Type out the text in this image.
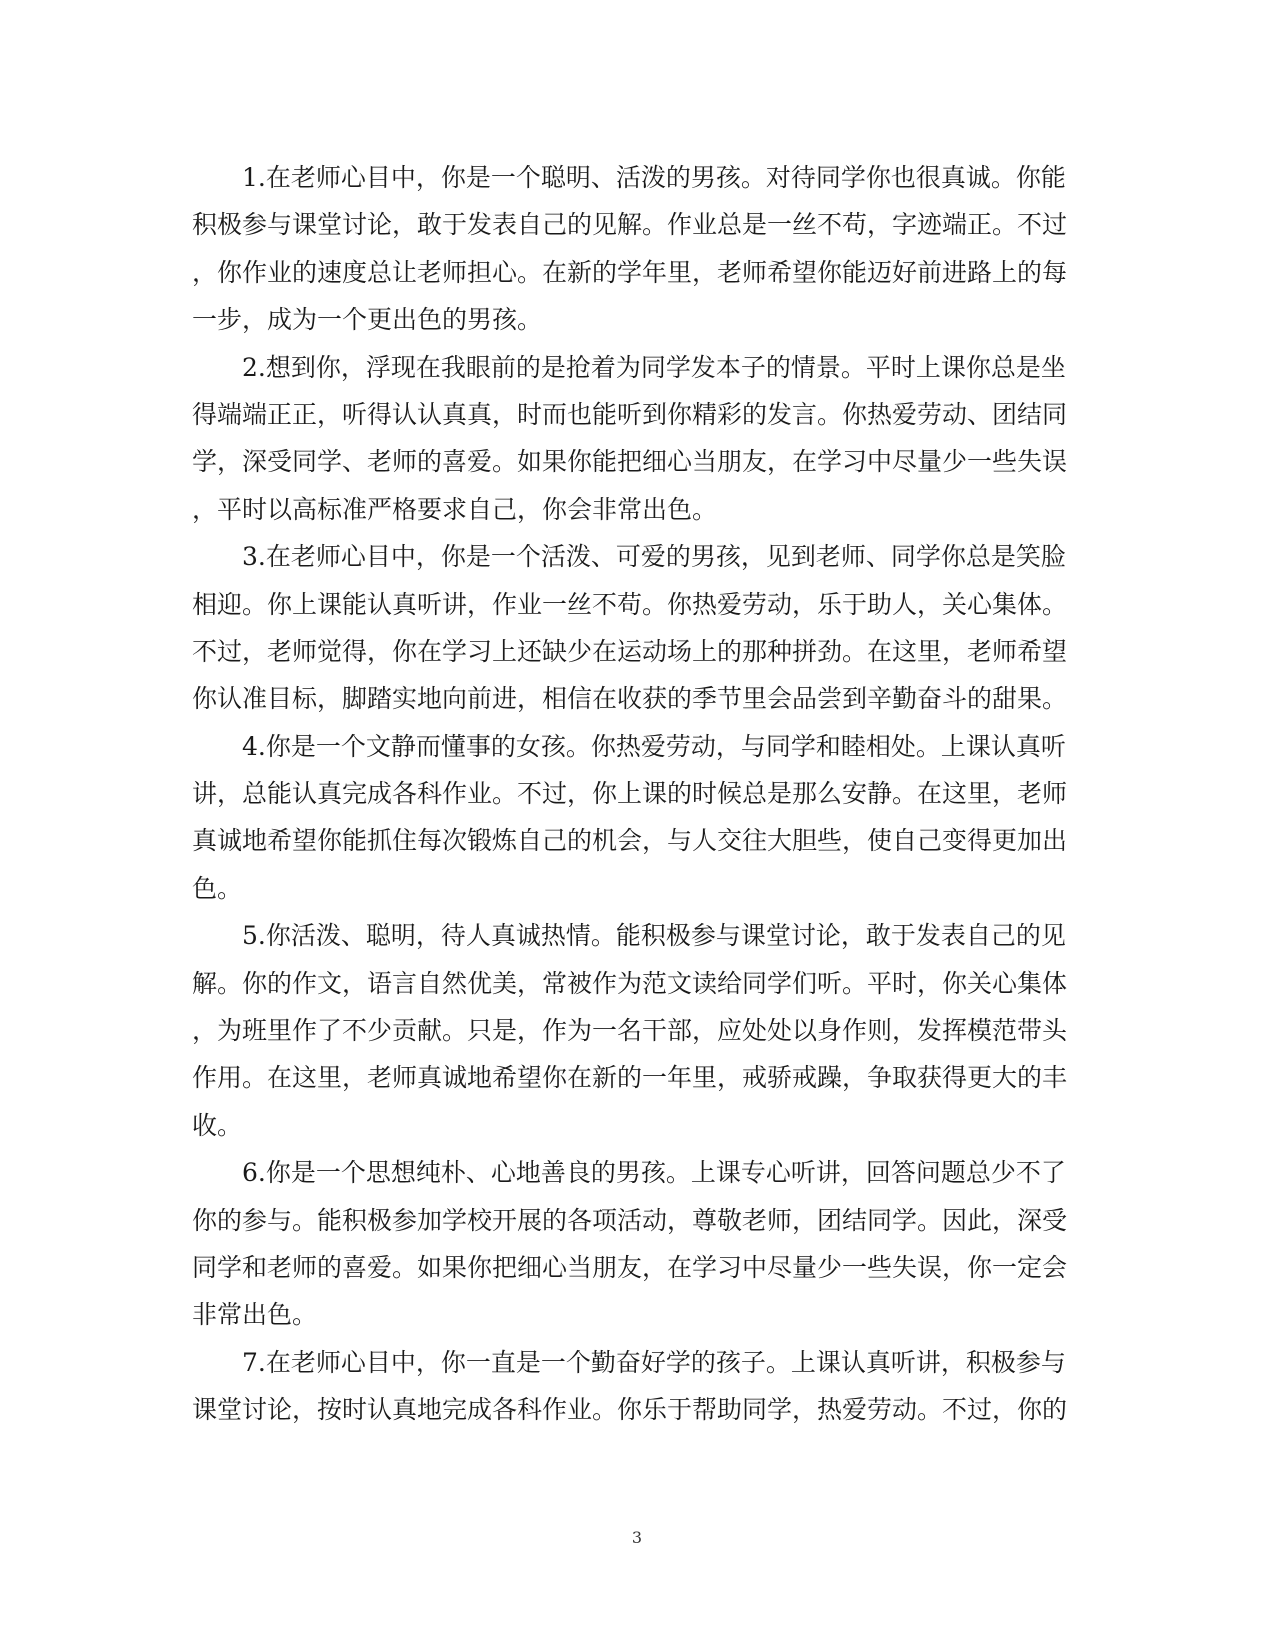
1.在老师心目中，你是一个聪明、活泼的男孩。对待同学你也很真诚。你能
积极参与课堂讨论，敢于发表自己的见解。作业总是一丝不苟，字迹端正。不过
，你作业的速度总让老师担心。在新的学年里，老师希望你能迈好前进路上的每
一步，成为一个更出色的男孩。
2.想到你，浮现在我眼前的是抢着为同学发本子的情景。平时上课你总是坐
得端端正正，听得认认真真，时而也能听到你精彩的发言。你热爱劳动、团结同
学，深受同学、老师的喜爱。如果你能把细心当朋友，在学习中尽量少一些失误
，平时以高标准严格要求自己，你会非常出色。
3.在老师心目中，你是一个活泼、可爱的男孩，见到老师、同学你总是笑脸
相迎。你上课能认真听讲，作业一丝不苟。你热爱劳动，乐于助人，关心集体。
不过，老师觉得，你在学习上还缺少在运动场上的那种拼劲。在这里，老师希望
你认准目标，脚踏实地向前进，相信在收获的季节里会品尝到辛勤奋斗的甜果。
4.你是一个文静而懂事的女孩。你热爱劳动，与同学和睦相处。上课认真听
讲，总能认真完成各科作业。不过，你上课的时候总是那么安静。在这里，老师
真诚地希望你能抓住每次锻炼自己的机会，与人交往大胆些，使自己变得更加出
色。
5.你活泼、聪明，待人真诚热情。能积极参与课堂讨论，敢于发表自己的见
解。你的作文，语言自然优美，常被作为范文读给同学们听。平时，你关心集体
，为班里作了不少贡献。只是，作为一名干部，应处处以身作则，发挥模范带头
作用。在这里，老师真诚地希望你在新的一年里，戒骄戒躁，争取获得更大的丰
收。
6.你是一个思想纯朴、心地善良的男孩。上课专心听讲，回答问题总少不了
你的参与。能积极参加学校开展的各项活动，尊敬老师，团结同学。因此，深受
同学和老师的喜爱。如果你把细心当朋友，在学习中尽量少一些失误，你一定会
非常出色。
7.在老师心目中，你一直是一个勤奋好学的孩子。上课认真听讲，积极参与
课堂讨论，按时认真地完成各科作业。你乐于帮助同学，热爱劳动。不过，你的
3
